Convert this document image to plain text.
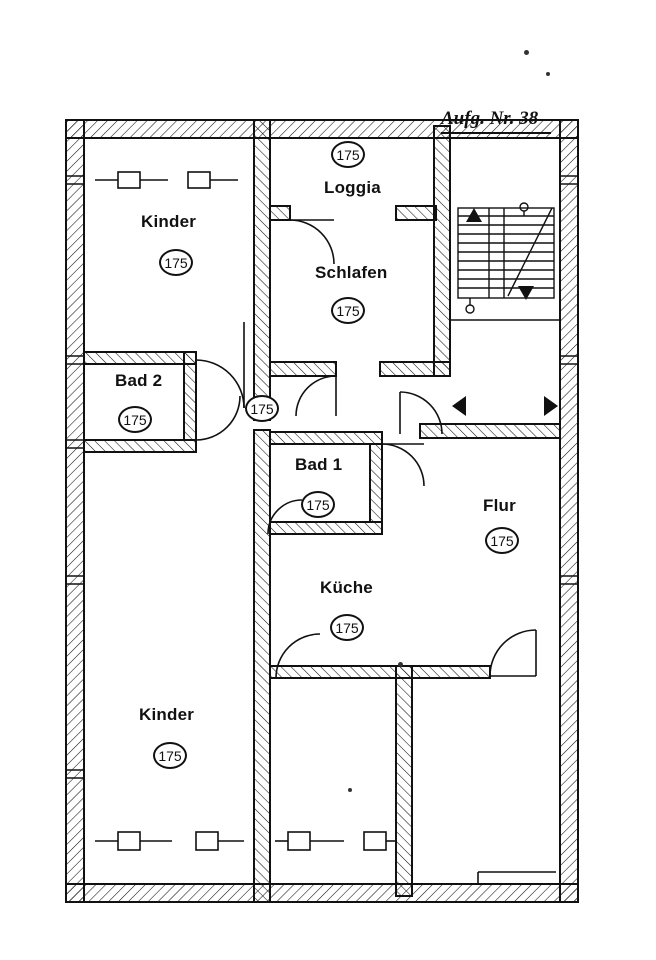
Aufg. Nr. 38
Kinder
175
Loggia
175
Schlafen
175
Bad 2
175
Bad 1
175
Küche
175
Flur
175
Kinder
175
175
